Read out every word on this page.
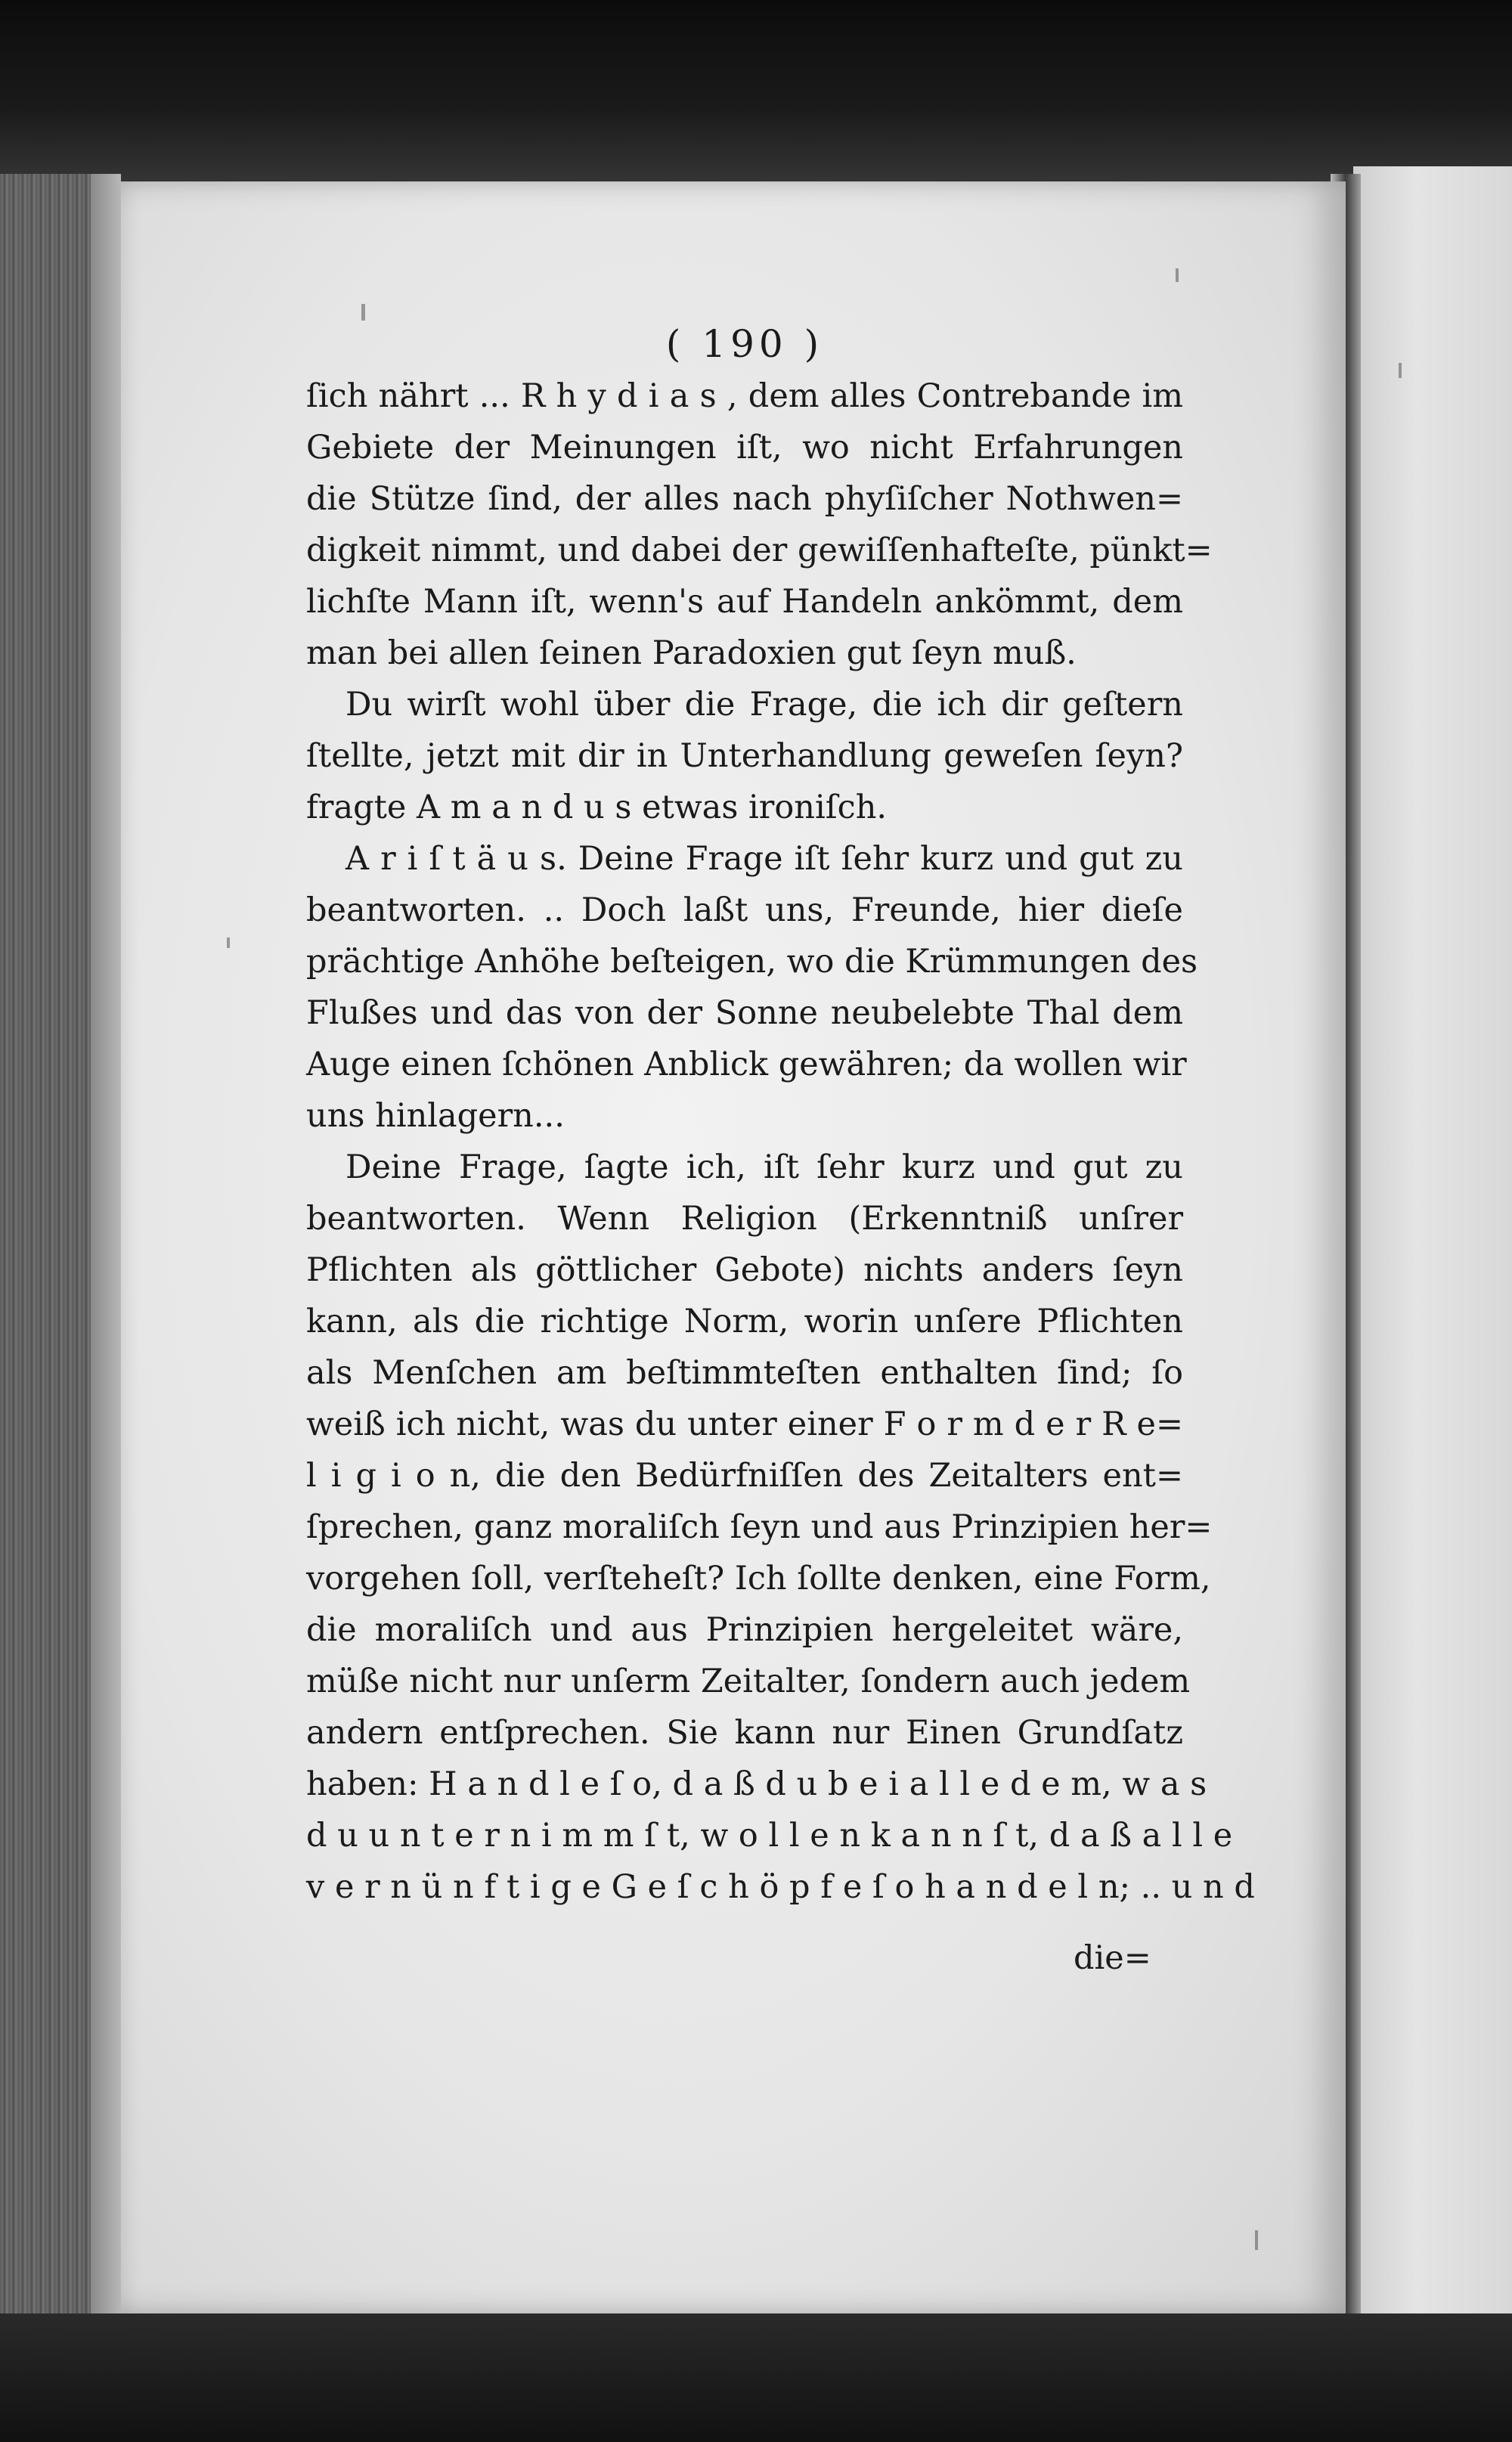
( 190 )
ſich nährt ... R h y d i a s , dem alles Contrebande im
Gebiete der Meinungen iſt, wo nicht Erfahrungen
die Stütze ſind, der alles nach phyſiſcher Nothwen=
digkeit nimmt, und dabei der gewiſſenhafteſte, pünkt=
lichſte Mann iſt, wenn's auf Handeln ankömmt, dem
man bei allen ſeinen Paradoxien gut ſeyn muß.
Du wirſt wohl über die Frage, die ich dir geſtern
ſtellte, jetzt mit dir in Unterhandlung geweſen ſeyn?
fragte A m a n d u s etwas ironiſch.
A r i ſ t ä u s. Deine Frage iſt ſehr kurz und gut zu
beantworten. .. Doch laßt uns, Freunde, hier dieſe
prächtige Anhöhe beſteigen, wo die Krümmungen des
Flußes und das von der Sonne neubelebte Thal dem
Auge einen ſchönen Anblick gewähren; da wollen wir
uns hinlagern...
Deine Frage, ſagte ich, iſt ſehr kurz und gut zu
beantworten. Wenn Religion (Erkenntniß unſrer
Pflichten als göttlicher Gebote) nichts anders ſeyn
kann, als die richtige Norm, worin unſere Pflichten
als Menſchen am beſtimmteſten enthalten ſind; ſo
weiß ich nicht, was du unter einer F o r m d e r R e=
l i g i o n, die den Bedürfniſſen des Zeitalters ent=
ſprechen, ganz moraliſch ſeyn und aus Prinzipien her=
vorgehen ſoll, verſteheſt? Ich ſollte denken, eine Form,
die moraliſch und aus Prinzipien hergeleitet wäre,
müße nicht nur unſerm Zeitalter, ſondern auch jedem
andern entſprechen. Sie kann nur Einen Grundſatz
haben: H a n d l e ſ o, d a ß d u b e i a l l e d e m, w a s
d u u n t e r n i m m ſ t, w o l l e n k a n n ſ t, d a ß a l l e
v e r n ü n f t i g e G e ſ c h ö p f e ſ o h a n d e l n; .. u n d
die=
